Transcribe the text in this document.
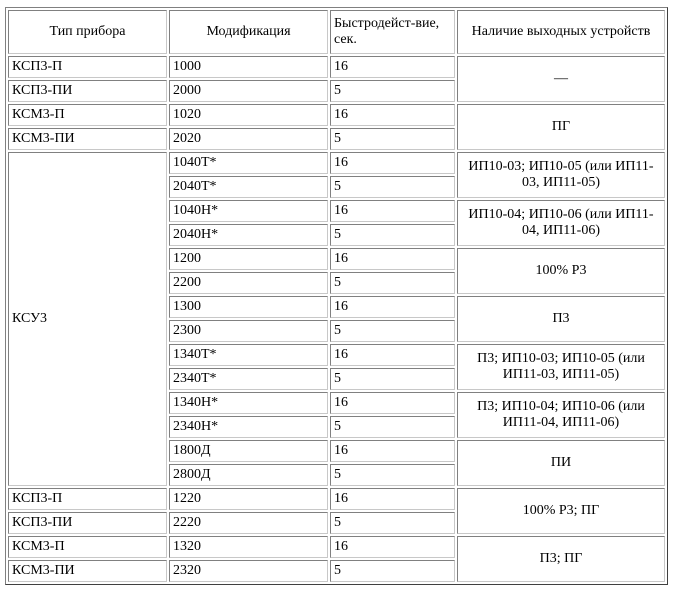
Тип прибора	Модификация	Быстродейст-вие, сек.	Наличие выходных устройств
КСП3-П	1000	16	—
КСП3-ПИ	2000	5	
КСМ3-П	1020	16	ПГ
КСМ3-ПИ	2020	5	
КСУ3	1040Т*	16	ИП10-03; ИП10-05 (или ИП11-03, ИП11-05)
	2040Т*	5	
	1040Н*	16	ИП10-04; ИП10-06 (или ИП11-04, ИП11-06)
	2040Н*	5	
	1200	16	100% Р3
	2200	5	
	1300	16	П3
	2300	5	
	1340Т*	16	П3; ИП10-03; ИП10-05 (или ИП11-03, ИП11-05)
	2340Т*	5	
	1340Н*	16	П3; ИП10-04; ИП10-06 (или ИП11-04, ИП11-06)
	2340Н*	5	
	1800Д	16	ПИ
	2800Д	5	
КСП3-П	1220	16	100% Р3; ПГ
КСП3-ПИ	2220	5	
КСМ3-П	1320	16	П3; ПГ
КСМ3-ПИ	2320	5	
